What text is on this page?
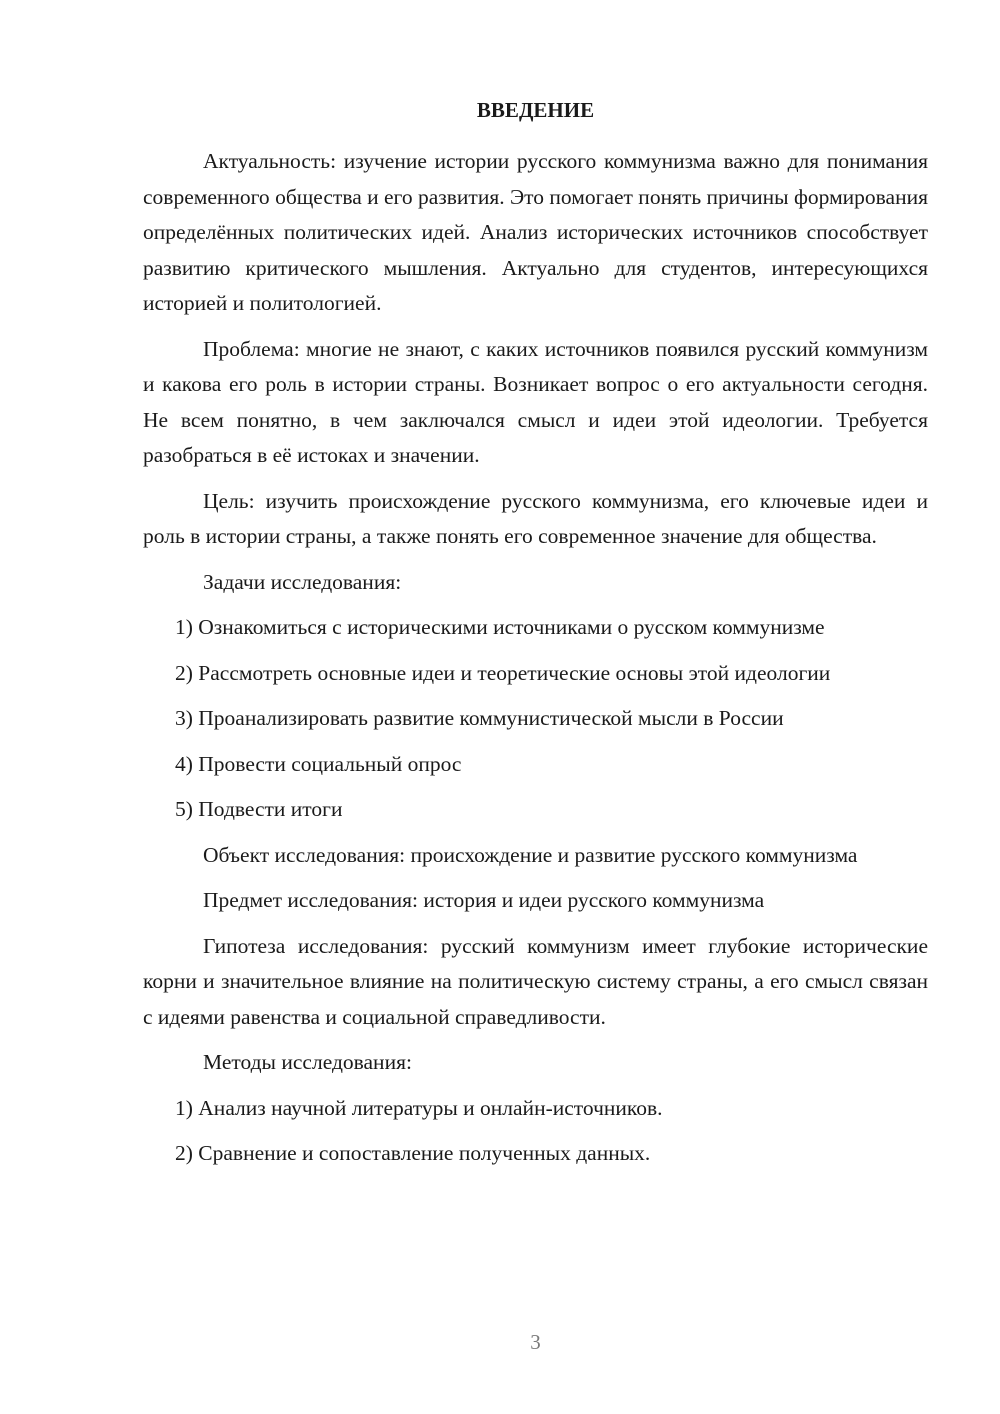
ВВЕДЕНИЕ

Актуальность: изучение истории русского коммунизма важно для понимания современного общества и его развития. Это помогает понять причины формирования определённых политических идей. Анализ исторических источников способствует развитию критического мышления. Актуально для студентов, интересующихся историей и политологией.

Проблема: многие не знают, с каких источников появился русский коммунизм и какова его роль в истории страны. Возникает вопрос о его актуальности сегодня. Не всем понятно, в чем заключался смысл и идеи этой идеологии. Требуется разобраться в её истоках и значении.

Цель: изучить происхождение русского коммунизма, его ключевые идеи и роль в истории страны, а также понять его современное значение для общества.

Задачи исследования:

1) Ознакомиться с историческими источниками о русском коммунизме

2) Рассмотреть основные идеи и теоретические основы этой идеологии

3) Проанализировать развитие коммунистической мысли в России

4) Провести социальный опрос

5) Подвести итоги

Объект исследования: происхождение и развитие русского коммунизма

Предмет исследования: история и идеи русского коммунизма

Гипотеза исследования: русский коммунизм имеет глубокие исторические корни и значительное влияние на политическую систему страны, а его смысл связан с идеями равенства и социальной справедливости.

Методы исследования:

1) Анализ научной литературы и онлайн-источников.

2) Сравнение и сопоставление полученных данных.

3
